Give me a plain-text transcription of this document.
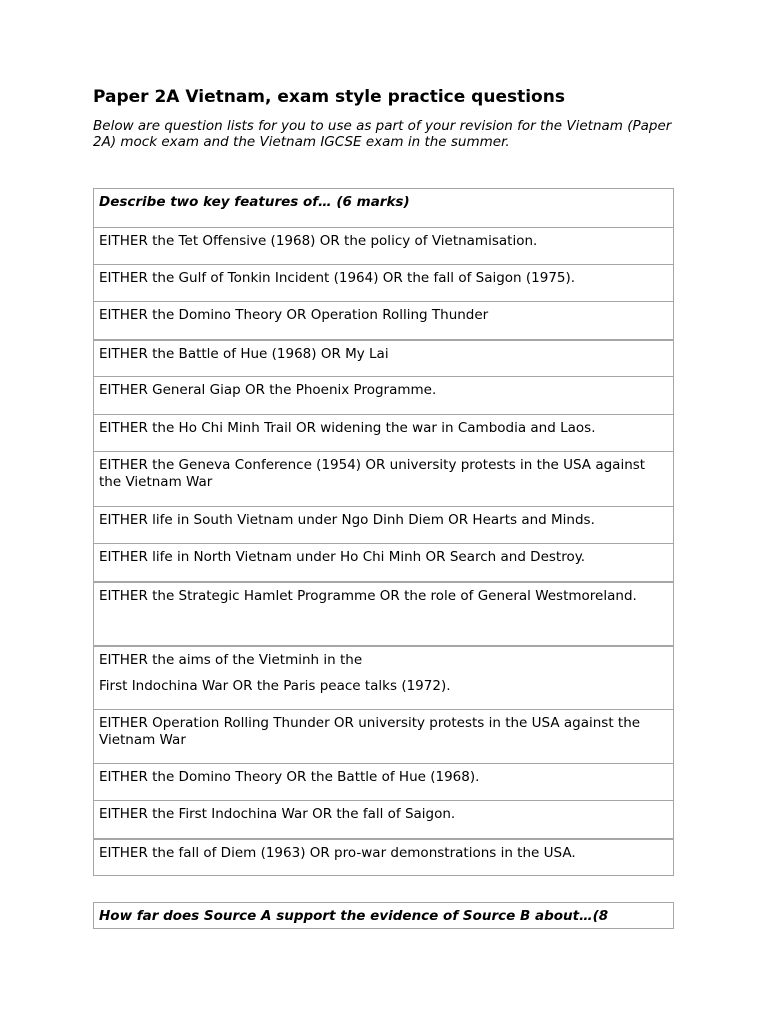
Paper 2A Vietnam, exam style practice questions

Below are question lists for you to use as part of your revision for the Vietnam (Paper 2A) mock exam and the Vietnam IGCSE exam in the summer.

Describe two key features of… (6 marks)
EITHER the Tet Offensive (1968) OR the policy of Vietnamisation.
EITHER the Gulf of Tonkin Incident (1964) OR the fall of Saigon (1975).
EITHER the Domino Theory OR Operation Rolling Thunder
EITHER the Battle of Hue (1968) OR My Lai
EITHER General Giap OR the Phoenix Programme.
EITHER the Ho Chi Minh Trail OR widening the war in Cambodia and Laos.
EITHER the Geneva Conference (1954) OR university protests in the USA against the Vietnam War
EITHER life in South Vietnam under Ngo Dinh Diem OR Hearts and Minds.
EITHER life in North Vietnam under Ho Chi Minh OR Search and Destroy.
EITHER the Strategic Hamlet Programme OR the role of General Westmoreland.
EITHER the aims of the Vietminh in the
First Indochina War OR the Paris peace talks (1972).
EITHER Operation Rolling Thunder OR university protests in the USA against the Vietnam War
EITHER the Domino Theory OR the Battle of Hue (1968).
EITHER the First Indochina War OR the fall of Saigon.
EITHER the fall of Diem (1963) OR pro-war demonstrations in the USA.
How far does Source A support the evidence of Source B about…(8
